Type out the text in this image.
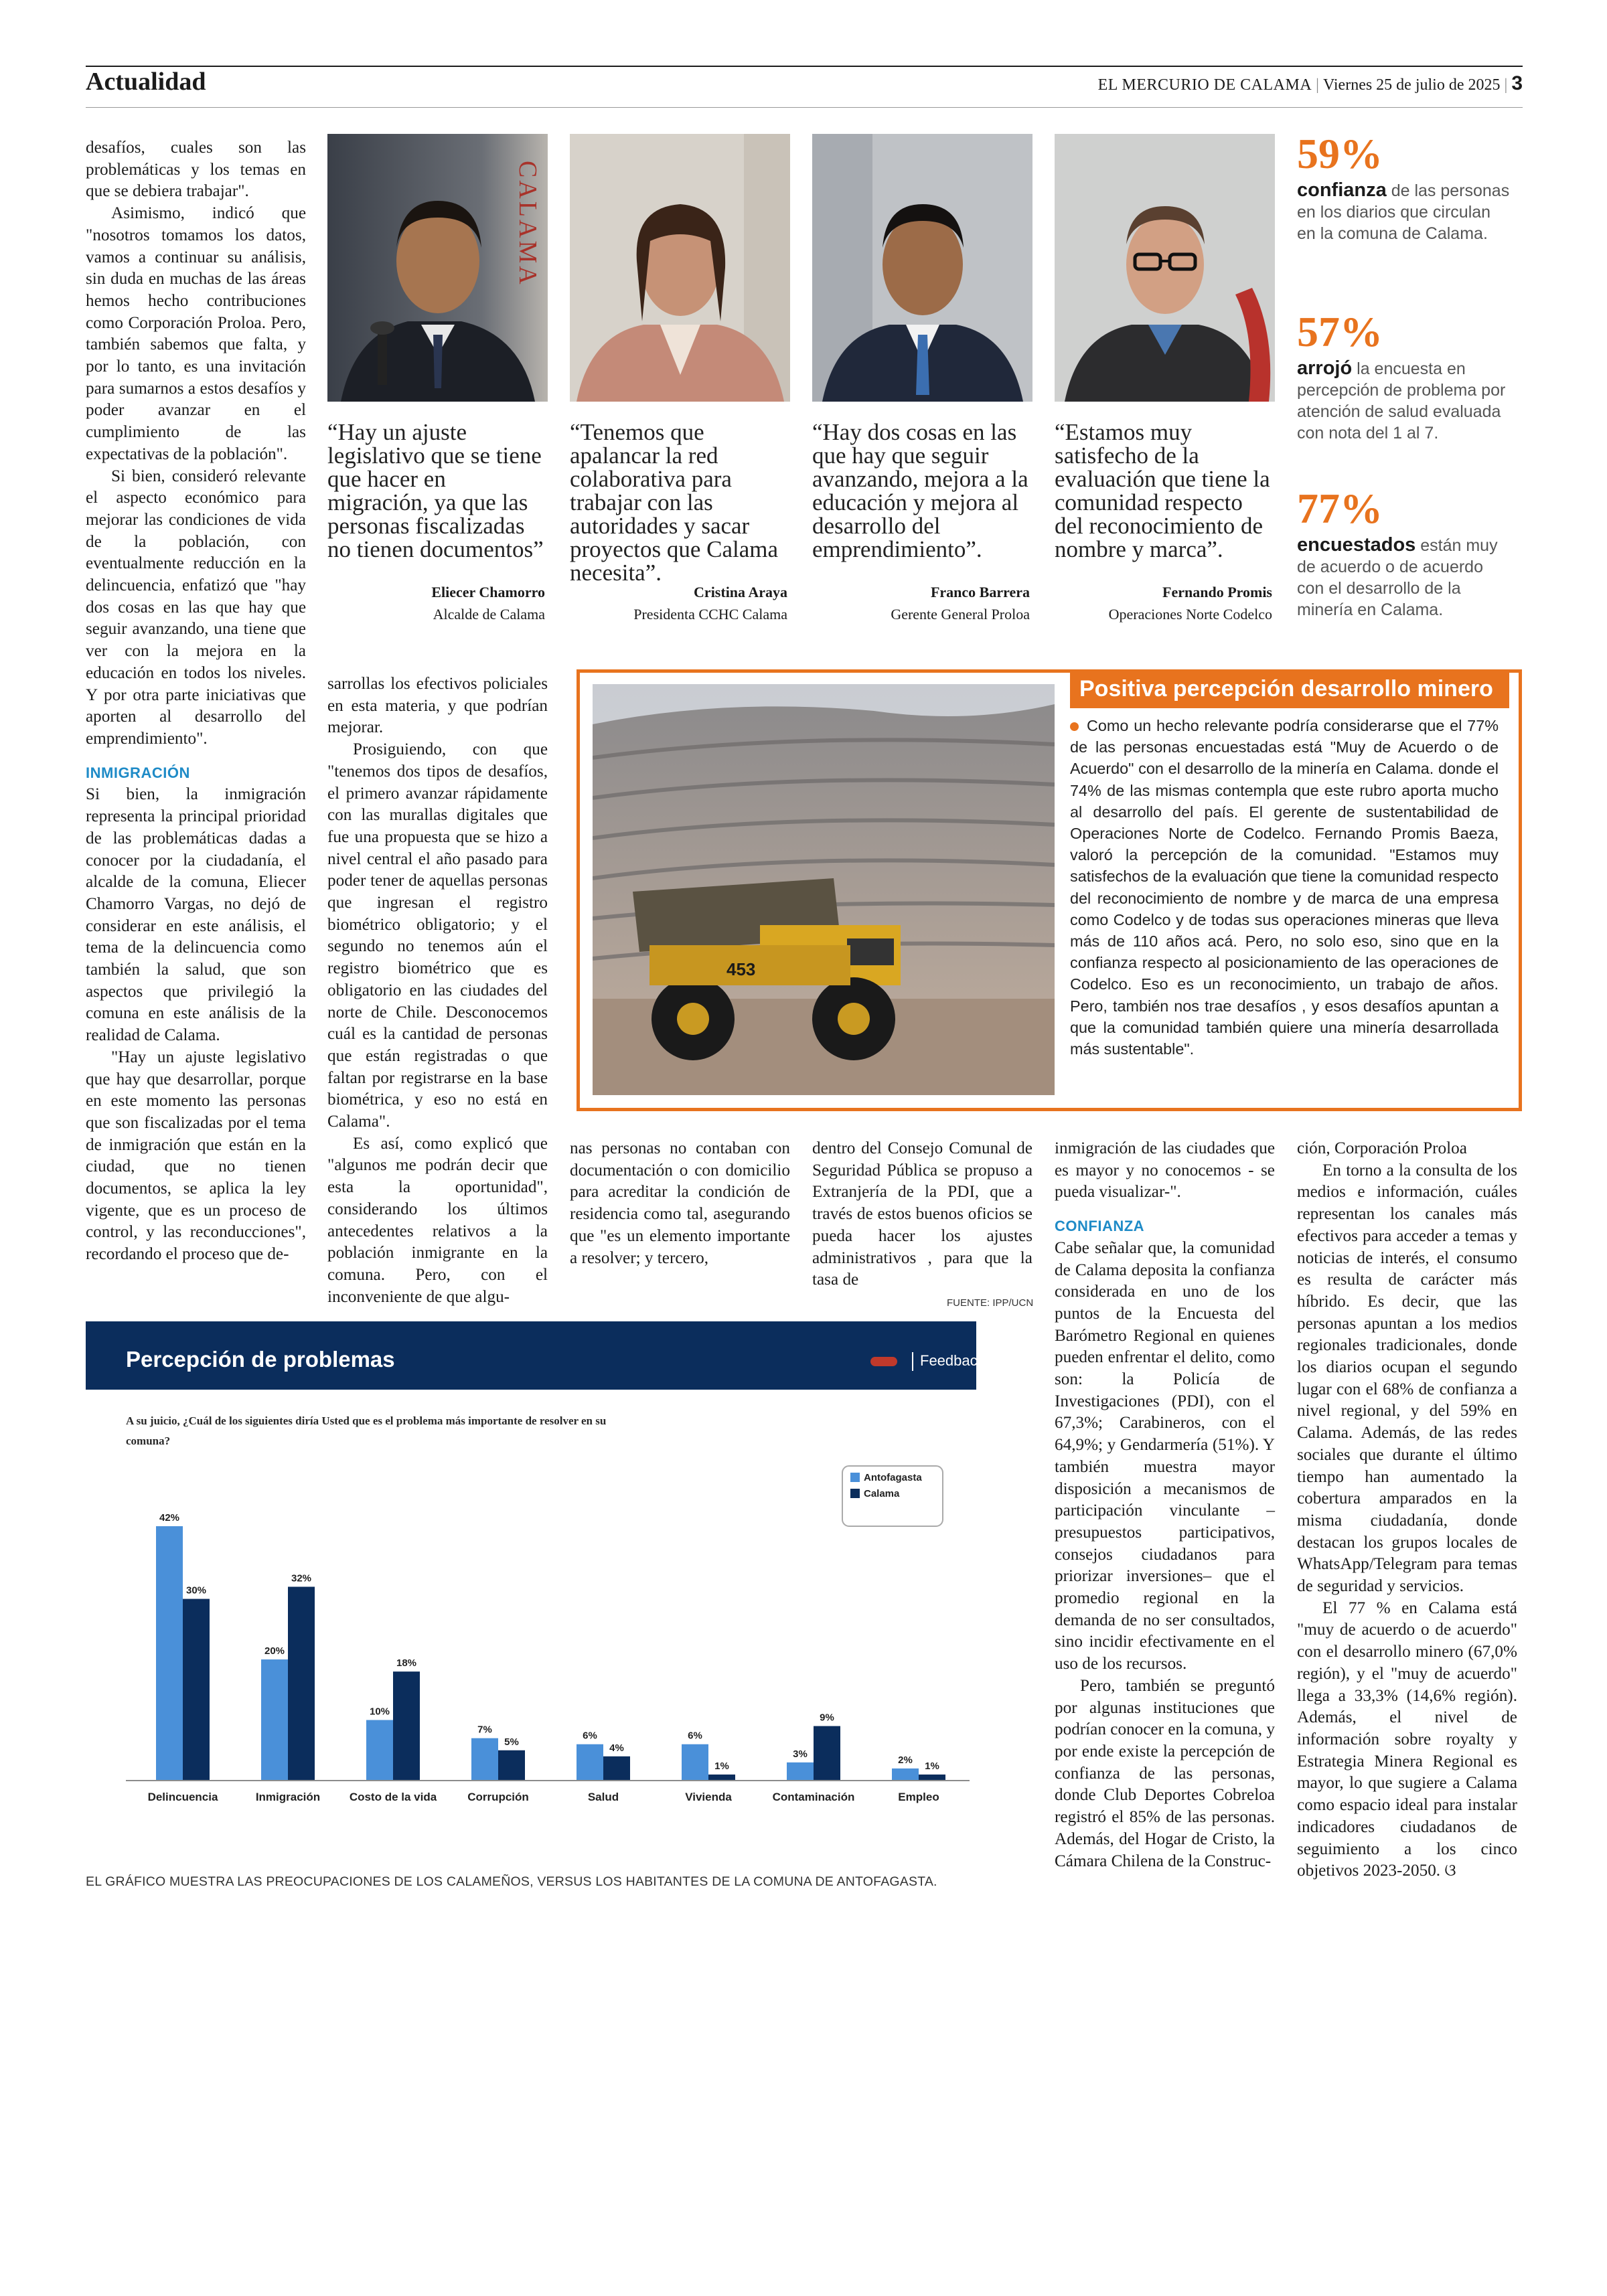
Actualidad	EL MERCURIO DE CALAMA | Viernes 25 de julio de 2025 | 3

desafíos, cuales son las problemáticas y los temas en que se debiera trabajar".

Asimismo, indicó que "nosotros tomamos los datos, vamos a continuar su análisis, sin duda en muchas de las áreas hemos hecho contribuciones como Corporación Proloa. Pero, también sabemos que falta, y por lo tanto, es una invitación para sumarnos a estos desafíos y poder avanzar en el cumplimiento de las expectativas de la población".

Si bien, consideró relevante el aspecto económico para mejorar las condiciones de vida de la población, con eventualmente reducción en la delincuencia, enfatizó que "hay dos cosas en las que hay que seguir avanzando, una tiene que ver con la mejora en la educación en todos los niveles. Y por otra parte iniciativas que aporten al desarrollo del emprendimiento".

INMIGRACIÓN

Si bien, la inmigración representa la principal prioridad de las problemáticas dadas a conocer por la ciudadanía, el alcalde de la comuna, Eliecer Chamorro Vargas, no dejó de considerar en este análisis, el tema de la delincuencia como también la salud, que son aspectos que privilegió la comuna en este análisis de la realidad de Calama.

"Hay un ajuste legislativo que hay que desarrollar, porque en este momento las personas que son fiscalizadas por el tema de inmigración que están en la ciudad, que no tienen documentos, se aplica la ley vigente, que es un proceso de control, y las reconducciones", recordando el proceso que de-

CALAMA
“Hay un ajuste legislativo que se tiene que hacer en migración, ya que las personas fiscalizadas no tienen documentos”
Eliecer Chamorro
Alcalde de Calama
“Tenemos que apalancar la red colaborativa para trabajar con las autoridades y sacar proyectos que Calama necesita”.
Cristina Araya
Presidenta CCHC Calama
“Hay dos cosas en las que hay que seguir avanzando, mejora a la educación y mejora al desarrollo del emprendimiento”.
Franco Barrera
Gerente General Proloa
“Estamos muy satisfecho de la evaluación que tiene la comunidad respecto del reconocimiento de nombre y marca”.
Fernando Promis
Operaciones Norte Codelco
59%
confianza de las personas en los diarios que circulan en la comuna de Calama.
57%
arrojó la encuesta en percepción de problema por atención de salud evaluada con nota del 1 al 7.
77%
encuestados están muy de acuerdo o de acuerdo con el desarrollo de la minería en Calama.
453
Positiva percepción desarrollo minero
Como un hecho relevante podría considerarse que el 77% de las personas encuestadas está "Muy de Acuerdo o de Acuerdo" con el desarrollo de la minería en Calama. donde el 74% de las mismas contempla que este rubro aporta mucho al desarrollo del país. El gerente de sustentabilidad de Operaciones Norte de Codelco. Fernando Promis Baeza, valoró la percepción de la comunidad. "Estamos muy satisfechos de la evaluación que tiene la comunidad respecto del reconocimiento de nombre y de marca de una empresa como Codelco y de todas sus operaciones mineras que lleva más de 110 años acá. Pero, no solo eso, sino que en la confianza respecto al posicionamiento de las operaciones de Codelco. Eso es un reconocimiento, un trabajo de años. Pero, también nos trae desafíos , y esos desafíos apuntan a que la comunidad también quiere una minería desarrollada más sustentable".

sarrollas los efectivos policiales en esta materia, y que podrían mejorar.

Prosiguiendo, con que "tenemos dos tipos de desafíos, el primero avanzar rápidamente con las murallas digitales que fue una propuesta que se hizo a nivel central el año pasado para poder tener de aquellas personas que ingresan el registro biométrico obligatorio; y el segundo no tenemos aún el registro biométrico que es obligatorio en las ciudades del norte de Chile. Desconocemos cuál es la cantidad de personas que están registradas o que faltan por registrarse en la base biométrica, y eso no está en Calama".

Es así, como explicó que "algunos me podrán decir que esta la oportunidad", considerando los últimos antecedentes relativos a la población inmigrante en la comuna. Pero, con el inconveniente de que algu-

nas personas no contaban con documentación o con domicilio para acreditar la condición de residencia como tal, asegurando que "es un elemento importante a resolver; y tercero,

dentro del Consejo Comunal de Seguridad Pública se propuso a Extranjería de la PDI, que a través de estos buenos oficios se pueda hacer los ajustes administrativos , para que la tasa de

inmigración de las ciudades que es mayor y no conocemos - se pueda visualizar-".

CONFIANZA

Cabe señalar que, la comunidad de Calama deposita la confianza considerada en uno de los puntos de la Encuesta del Barómetro Regional en quienes pueden enfrentar el delito, como son: la Policía de Investigaciones (PDI), con el 67,3%; Carabineros, con el 64,9%; y Gendarmería (51%). Y también muestra mayor disposición a mecanismos de participación vinculante – presupuestos participativos, consejos ciudadanos para priorizar inversiones– que el promedio regional en la demanda de no ser consultados, sino incidir efectivamente en el uso de los recursos.

Pero, también se preguntó por algunas instituciones que podrían conocer en la comuna, y por ende existe la percepción de confianza de las personas, donde Club Deportes Cobreloa registró el 85% de las personas. Además, del Hogar de Cristo, la Cámara Chilena de la Construc-

ción, Corporación Proloa

En torno a la consulta de los medios e información, cuáles representan los canales más efectivos para acceder a temas y noticias de interés, el consumo es resulta de carácter más híbrido. Es decir, que las personas apuntan a los medios regionales tradicionales, donde los diarios ocupan el segundo lugar con el 68% de confianza a nivel regional, y del 59% en Calama. Además, de las redes sociales que durante el último tiempo han aumentado la cobertura amparados en la misma ciudadanía, donde destacan los grupos locales de WhatsApp/Telegram para temas de seguridad y servicios.

El 77 % en Calama está "muy de acuerdo o de acuerdo" con el desarrollo minero (67,0% región), y el "muy de acuerdo" llega a 33,3% (14,6% región). Además, el nivel de información sobre royalty y Estrategia Minera Regional es mayor, lo que sugiere a Calama como espacio ideal para instalar indicadores ciudadanos de seguimiento a los cinco objetivos 2023-2050. ଓ

FUENTE: IPP/UCN
Percepción de problemas	Feedbackresearch
A su juicio, ¿Cuál de los siguientes diría Usted que es el problema más importante de resolver en su comuna?
42%
30%
Delincuencia
20%
32%
Inmigración
10%
18%
Costo de la vida
7%
5%
Corrupción
6%
4%
Salud
6%
1%
Vivienda
3%
9%
Contaminación
2%
1%
Empleo
Antofagasta
Calama
EL GRÁFICO MUESTRA LAS PREOCUPACIONES DE LOS CALAMEÑOS, VERSUS LOS HABITANTES DE LA COMUNA DE ANTOFAGASTA.
